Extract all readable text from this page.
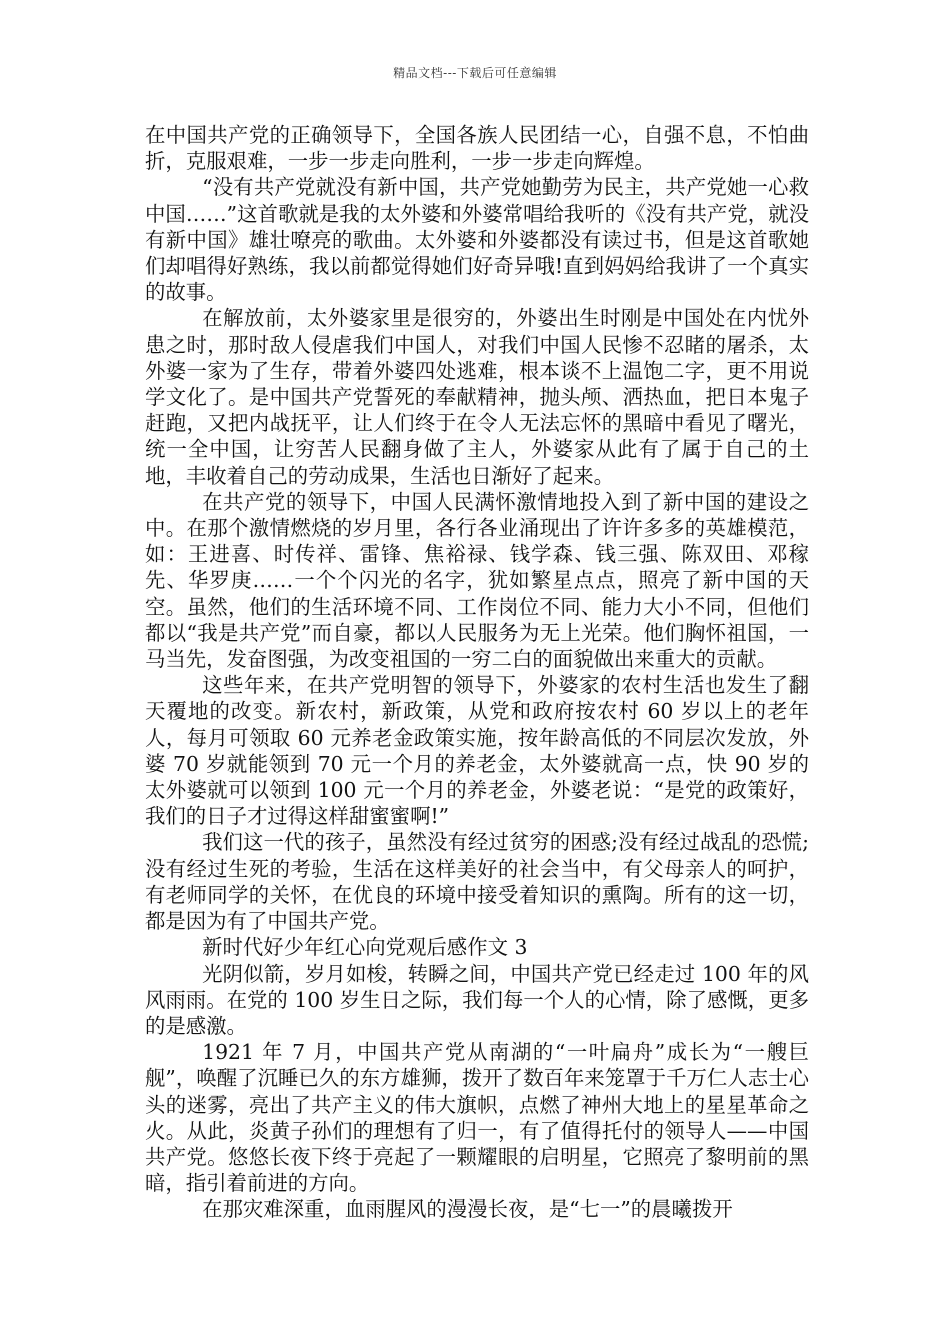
精品文档---下载后可任意编辑

在中国共产党的正确领导下，全国各族人民团结一心，自强不息，不怕曲折，克服艰难，一步一步走向胜利，一步一步走向辉煌。

“没有共产党就没有新中国，共产党她勤劳为民主，共产党她一心救中国……”这首歌就是我的太外婆和外婆常唱给我听的《没有共产党，就没有新中国》雄壮嘹亮的歌曲。太外婆和外婆都没有读过书，但是这首歌她们却唱得好熟练，我以前都觉得她们好奇异哦!直到妈妈给我讲了一个真实的故事。

在解放前，太外婆家里是很穷的，外婆出生时刚是中国处在内忧外患之时，那时敌人侵虐我们中国人，对我们中国人民惨不忍睹的屠杀，太外婆一家为了生存，带着外婆四处逃难，根本谈不上温饱二字，更不用说学文化了。是中国共产党誓死的奉献精神，抛头颅、洒热血，把日本鬼子赶跑，又把内战抚平，让人们终于在令人无法忘怀的黑暗中看见了曙光，统一全中国，让穷苦人民翻身做了主人，外婆家从此有了属于自己的土地，丰收着自己的劳动成果，生活也日渐好了起来。

在共产党的领导下，中国人民满怀激情地投入到了新中国的建设之中。在那个激情燃烧的岁月里，各行各业涌现出了许许多多的英雄模范，如：王进喜、时传祥、雷锋、焦裕禄、钱学森、钱三强、陈双田、邓稼先、华罗庚……一个个闪光的名字，犹如繁星点点，照亮了新中国的天空。虽然，他们的生活环境不同、工作岗位不同、能力大小不同，但他们都以“我是共产党”而自豪，都以人民服务为无上光荣。他们胸怀祖国，一马当先，发奋图强，为改变祖国的一穷二白的面貌做出来重大的贡献。

这些年来，在共产党明智的领导下，外婆家的农村生活也发生了翻天覆地的改变。新农村，新政策，从党和政府按农村 60 岁以上的老年人，每月可领取 60 元养老金政策实施，按年龄高低的不同层次发放，外婆 70 岁就能领到 70 元一个月的养老金，太外婆就高一点，快 90 岁的太外婆就可以领到 100 元一个月的养老金，外婆老说：“是党的政策好，我们的日子才过得这样甜蜜蜜啊!”

我们这一代的孩子，虽然没有经过贫穷的困惑;没有经过战乱的恐慌;没有经过生死的考验，生活在这样美好的社会当中，有父母亲人的呵护，有老师同学的关怀，在优良的环境中接受着知识的熏陶。所有的这一切，都是因为有了中国共产党。

新时代好少年红心向党观后感作文 3

光阴似箭，岁月如梭，转瞬之间，中国共产党已经走过 100 年的风风雨雨。在党的 100 岁生日之际，我们每一个人的心情，除了感慨，更多的是感激。

1921 年 7 月，中国共产党从南湖的“一叶扁舟”成长为“一艘巨舰”，唤醒了沉睡已久的东方雄狮，拨开了数百年来笼罩于千万仁人志士心头的迷雾，亮出了共产主义的伟大旗帜，点燃了神州大地上的星星革命之火。从此，炎黄子孙们的理想有了归一，有了值得托付的领导人——中国共产党。悠悠长夜下终于亮起了一颗耀眼的启明星，它照亮了黎明前的黑暗，指引着前进的方向。

在那灾难深重，血雨腥风的漫漫长夜，是“七一”的晨曦拨开
